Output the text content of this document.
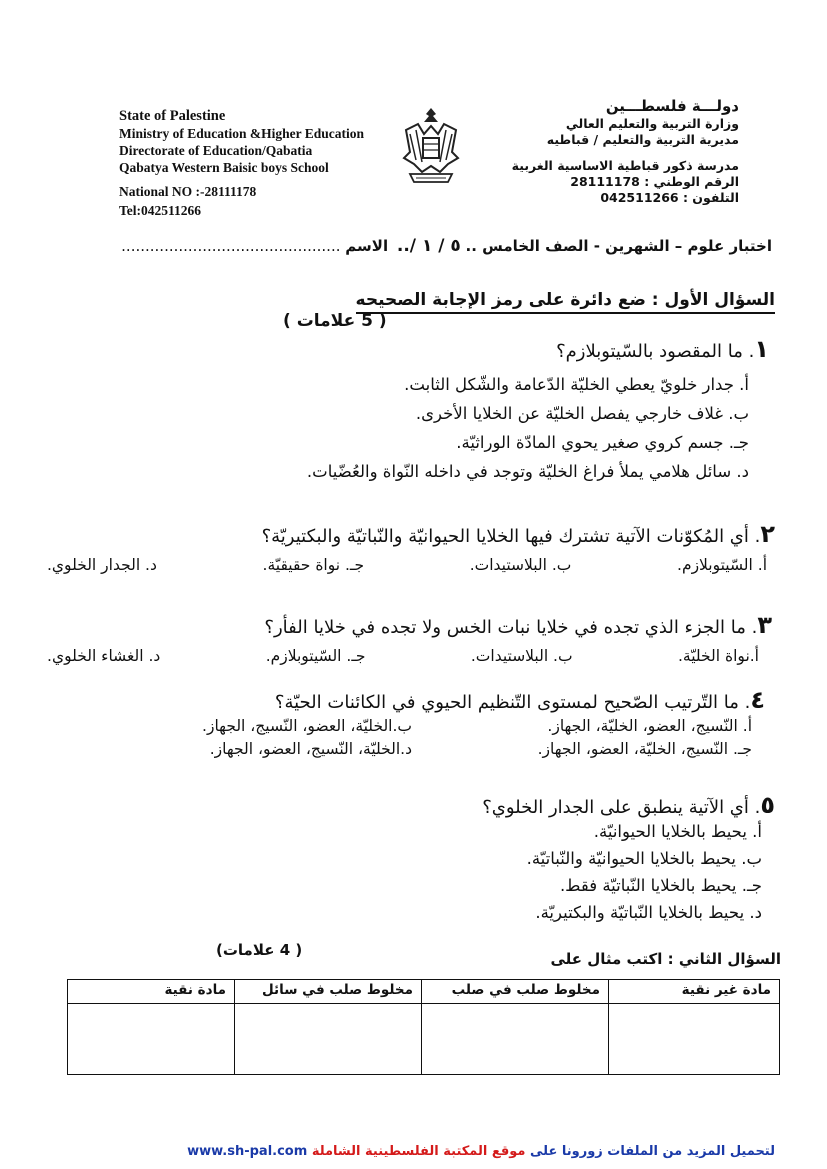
State of Palestine
Ministry of Education &Higher Education
Directorate of Education/Qabatia
Qabatya Western Baisic boys School
National NO :-28111178
Tel:042511266
دولـــة فلسطـــين
وزارة التربية والتعليم العالي
مديرية التربية والتعليم / قباطيه
مدرسة ذكور قباطية الاساسية الغربية
الرقم الوطني : 28111178
التلفون : 042511266
اختبار علوم – الشهرين - الصف الخامس .. ٥ / ١ /.. الاسم ..............................................
السؤال الأول : ضع دائرة على رمز الإجابة الصحيحه
( 5 علامات )
١. ما المقصود بالسّيتوبلازم؟
أ. جدار خلويّ يعطي الخليّة الدّعامة والشّكل الثابت.
ب. غلاف خارجي يفصل الخليّة عن الخلايا الأخرى.
جـ. جسم كروي صغير يحوي المادّة الوراثيّة.
د. سائل هلامي يملأ فراغ الخليّة وتوجد في داخله النّواة والعُضّيات.
٢. أي المُكوّنات الآتية تشترك فيها الخلايا الحيوانيّة والنّباتيّة والبكتيريّة؟
أ. السّيتوبلازم.
ب. البلاستيدات.
جـ. نواة حقيقيّة.
د. الجدار الخلوي.
٣. ما الجزء الذي تجده في خلايا نبات الخس ولا تجده في خلايا الفأر؟
أ.نواة الخليّة.
ب. البلاستيدات.
جـ. السّيتوبلازم.
د. الغشاء الخلوي.
٤. ما التّرتيب الصّحيح لمستوى التّنظيم الحيوي في الكائنات الحيّة؟
أ. النّسيج، العضو، الخليّة، الجهاز.
ب.الخليّة، العضو، النّسيج، الجهاز.
جـ. النّسيج، الخليّة، العضو، الجهاز.
د.الخليّة، النّسيج، العضو، الجهاز.
٥. أي الآتية ينطبق على الجدار الخلوي؟
أ. يحيط بالخلايا الحيوانيّة.
ب. يحيط بالخلايا الحيوانيّة والنّباتيّة.
جـ. يحيط بالخلايا النّباتيّة فقط.
د. يحيط بالخلايا النّباتيّة والبكتيريّة.
السؤال الثاني : اكتب مثال على
( 4 علامات)
مادة نقية	مخلوط صلب في سائل	مخلوط صلب في صلب	مادة غير نقية

لتحميل المزيد من الملفات زورونا على موقع المكتبة الفلسطينية الشاملة www.sh-pal.com
